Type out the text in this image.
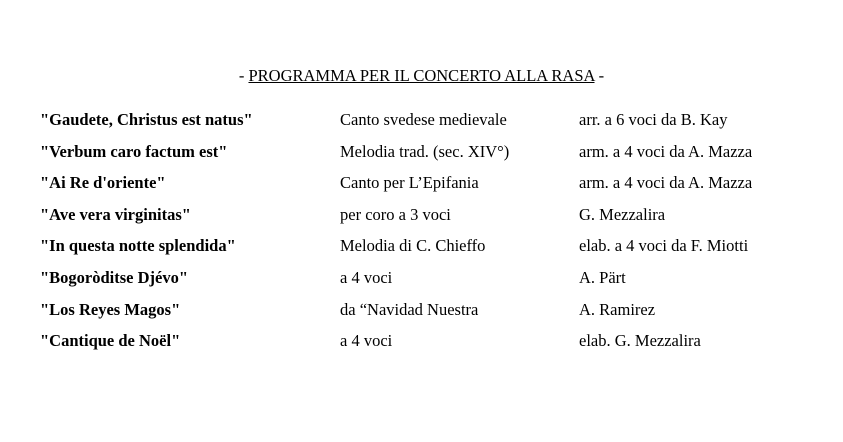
- PROGRAMMA PER IL CONCERTO ALLA RASA -
"Gaudete, Christus est natus"	Canto svedese medievale	arr. a 6 voci da B. Kay
"Verbum caro factum est"	Melodia trad. (sec. XIV°)	arm. a 4 voci da A. Mazza
"Ai Re d'oriente"	Canto per L’Epifania	arm. a 4 voci da A. Mazza
"Ave vera virginitas"	per coro a 3 voci	G. Mezzalira
"In questa notte splendida"	Melodia di C. Chieffo	elab. a 4 voci da F. Miotti
"Bogoròditse Djévo"	a 4 voci	A. Pärt
"Los Reyes Magos"	da “Navidad Nuestra	A. Ramirez
"Cantique de Noël"	a 4 voci	elab. G. Mezzalira
